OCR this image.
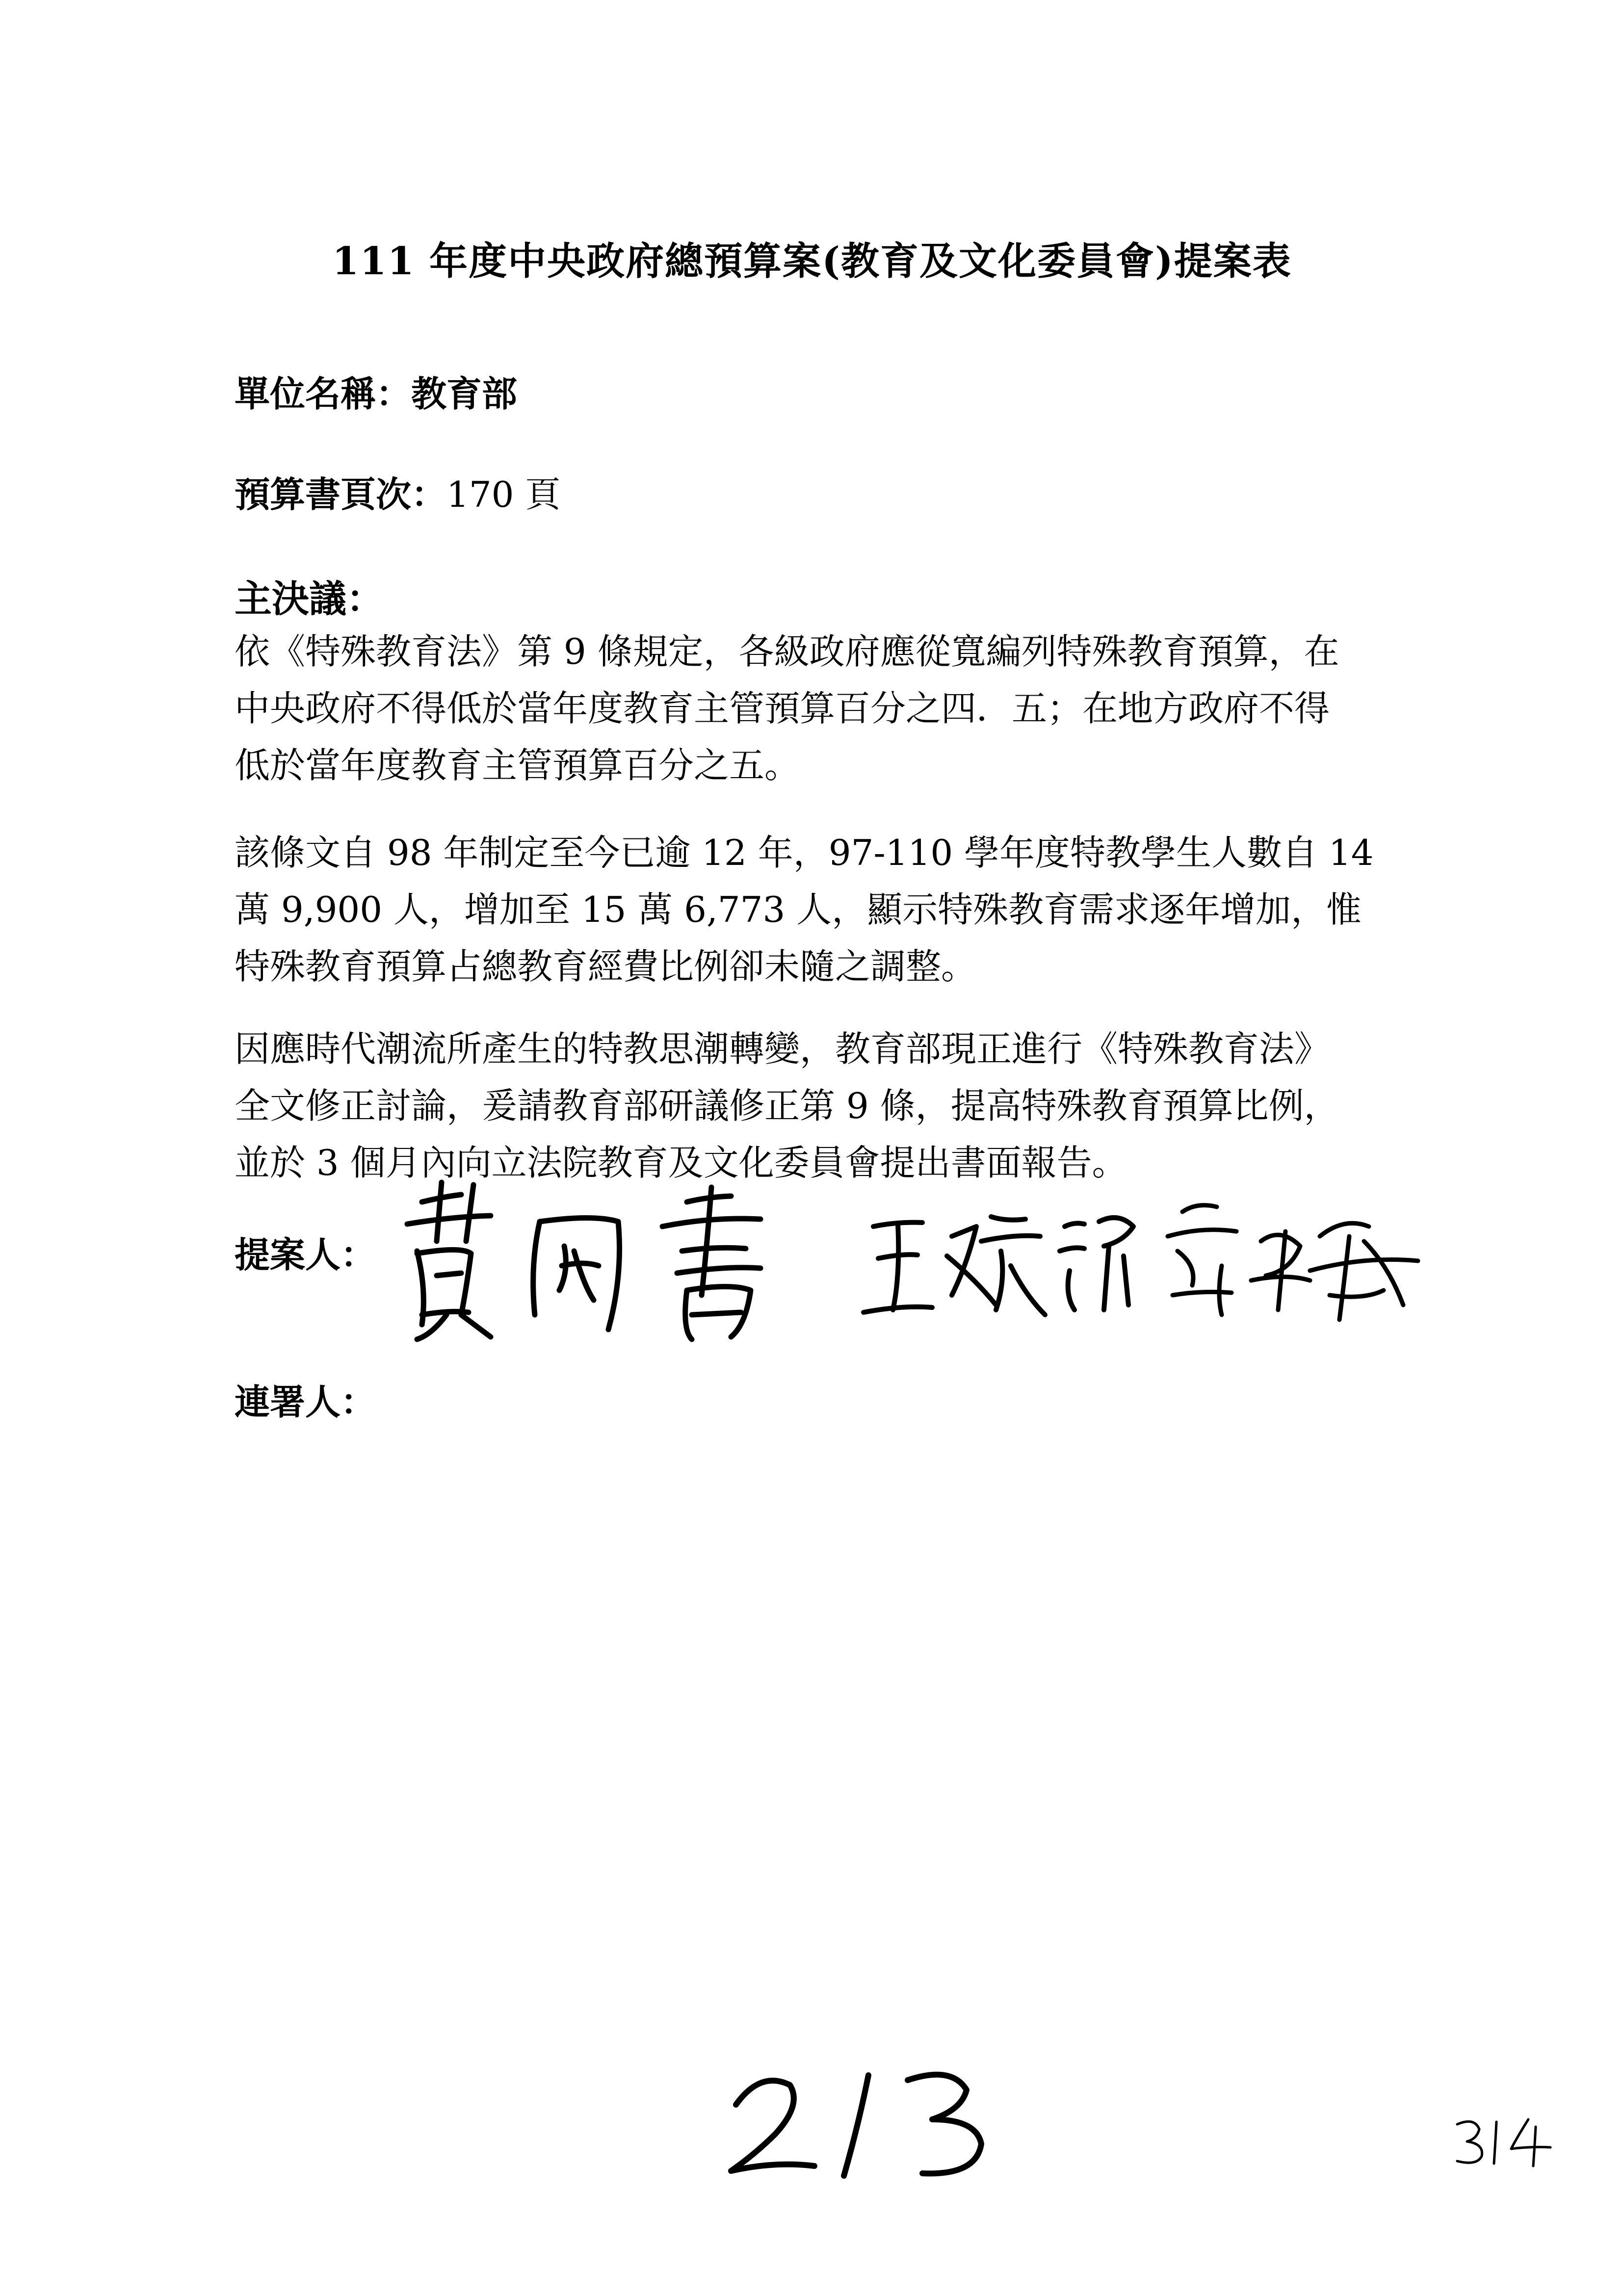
111 年度中央政府總預算案(教育及文化委員會)提案表
單位名稱：教育部
預算書頁次：170 頁
主決議：
依《特殊教育法》第 9 條規定，各級政府應從寬編列特殊教育預算，在
中央政府不得低於當年度教育主管預算百分之四．五；在地方政府不得
低於當年度教育主管預算百分之五。
該條文自 98 年制定至今已逾 12 年，97-110 學年度特教學生人數自 14
萬 9,900 人，增加至 15 萬 6,773 人，顯示特殊教育需求逐年增加，惟
特殊教育預算占總教育經費比例卻未隨之調整。
因應時代潮流所產生的特教思潮轉變，教育部現正進行《特殊教育法》
全文修正討論，爰請教育部研議修正第 9 條，提高特殊教育預算比例，
並於 3 個月內向立法院教育及文化委員會提出書面報告。
提案人：
連署人：
